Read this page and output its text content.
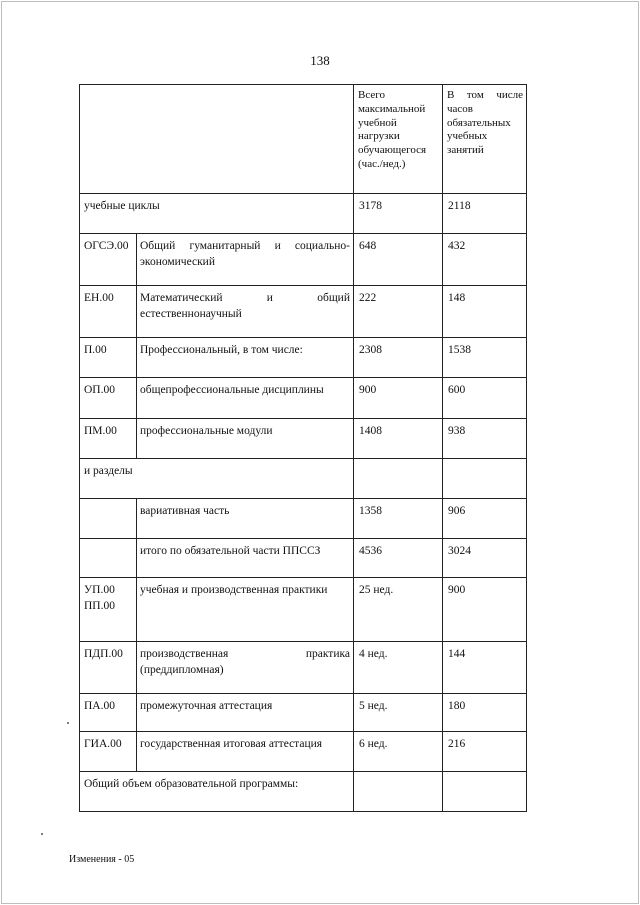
138
		Всего максимальной учебной нагрузки обучающегося (час./нед.)	В том числе часов обязательных учебных занятий
учебные циклы		3178	2118
ОГСЭ.00	Общий гуманитарный и социально-экономический	648	432
ЕН.00	Математический и общий естественнонаучный	222	148
П.00	Профессиональный, в том числе:	2308	1538
ОП.00	общепрофессиональные дисциплины	900	600
ПМ.00	профессиональные модули	1408	938
и разделы			
	вариативная часть	1358	906
	итого по обязательной части ППССЗ	4536	3024
УП.00 ПП.00	учебная и производственная практики	25 нед.	900
ПДП.00	производственная практика (преддипломная)	4 нед.	144
ПА.00	промежуточная аттестация	5 нед.	180
ГИА.00	государственная итоговая аттестация	6 нед.	216
Общий объем образовательной программы:			
Изменения - 05
